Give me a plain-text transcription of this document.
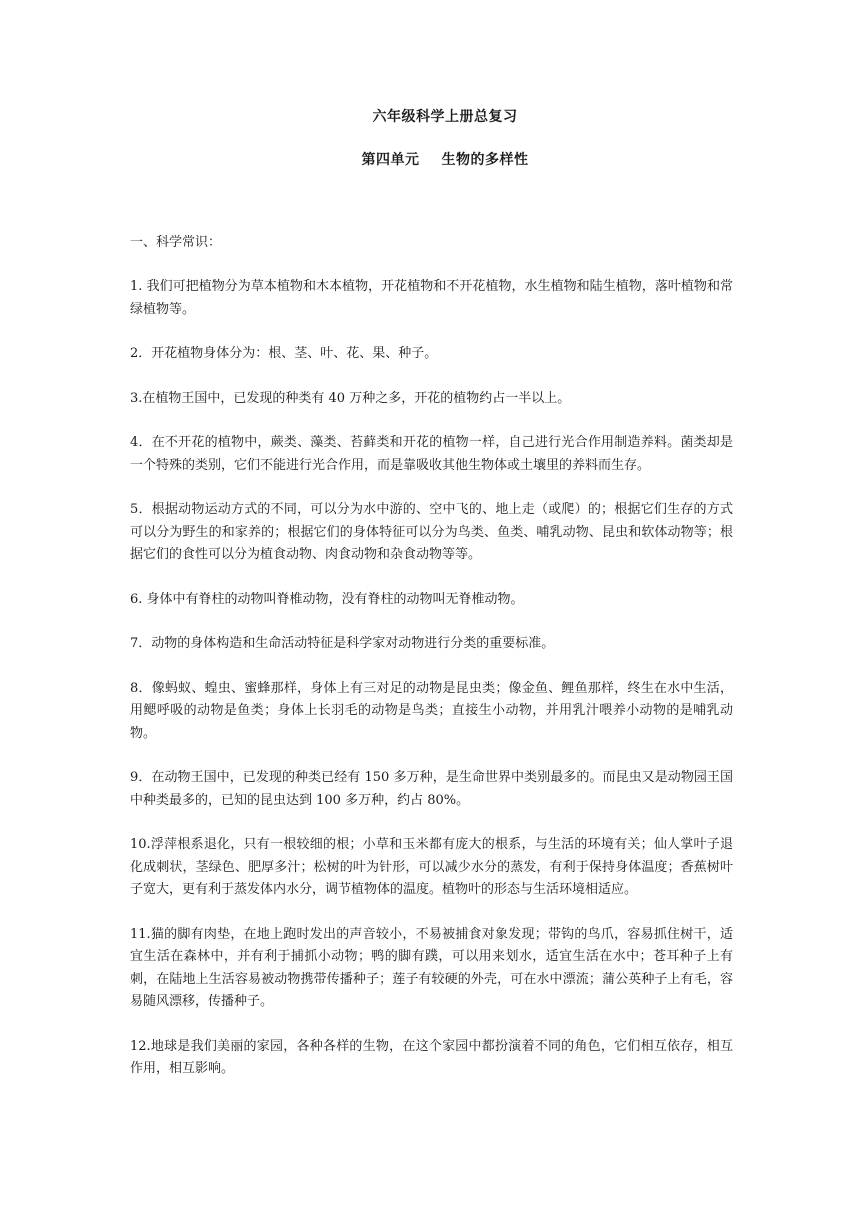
六年级科学上册总复习
第四单元 生物的多样性

一、科学常识：

1. 我们可把植物分为草本植物和木本植物，开花植物和不开花植物，水生植物和陆生植物，落叶植物和常绿植物等。

2．开花植物身体分为：根、茎、叶、花、果、种子。

3.在植物王国中，已发现的种类有 40 万种之多，开花的植物约占一半以上。

4．在不开花的植物中，蕨类、藻类、苔藓类和开花的植物一样，自己进行光合作用制造养料。菌类却是一个特殊的类别，它们不能进行光合作用，而是靠吸收其他生物体或土壤里的养料而生存。

5．根据动物运动方式的不同，可以分为水中游的、空中飞的、地上走（或爬）的；根据它们生存的方式可以分为野生的和家养的；根据它们的身体特征可以分为鸟类、鱼类、哺乳动物、昆虫和软体动物等；根据它们的食性可以分为植食动物、肉食动物和杂食动物等等。

6. 身体中有脊柱的动物叫脊椎动物，没有脊柱的动物叫无脊椎动物。

7．动物的身体构造和生命活动特征是科学家对动物进行分类的重要标准。

8．像蚂蚁、蝗虫、蜜蜂那样，身体上有三对足的动物是昆虫类；像金鱼、鲤鱼那样，终生在水中生活，用鳃呼吸的动物是鱼类；身体上长羽毛的动物是鸟类；直接生小动物，并用乳汁喂养小动物的是哺乳动物。

9．在动物王国中，已发现的种类已经有 150 多万种，是生命世界中类别最多的。而昆虫又是动物园王国中种类最多的，已知的昆虫达到 100 多万种，约占 80%。

10.浮萍根系退化，只有一根较细的根；小草和玉米都有庞大的根系，与生活的环境有关；仙人掌叶子退化成刺状，茎绿色、肥厚多汁；松树的叶为针形，可以减少水分的蒸发，有利于保持身体温度；香蕉树叶子宽大，更有利于蒸发体内水分，调节植物体的温度。植物叶的形态与生活环境相适应。

11.猫的脚有肉垫，在地上跑时发出的声音较小，不易被捕食对象发现；带钩的鸟爪，容易抓住树干，适宜生活在森林中，并有利于捕抓小动物；鸭的脚有蹼，可以用来划水，适宜生活在水中；苍耳种子上有刺，在陆地上生活容易被动物携带传播种子；莲子有较硬的外壳，可在水中漂流；蒲公英种子上有毛，容易随风漂移，传播种子。

12.地球是我们美丽的家园，各种各样的生物，在这个家园中都扮演着不同的角色，它们相互依存，相互作用，相互影响。
